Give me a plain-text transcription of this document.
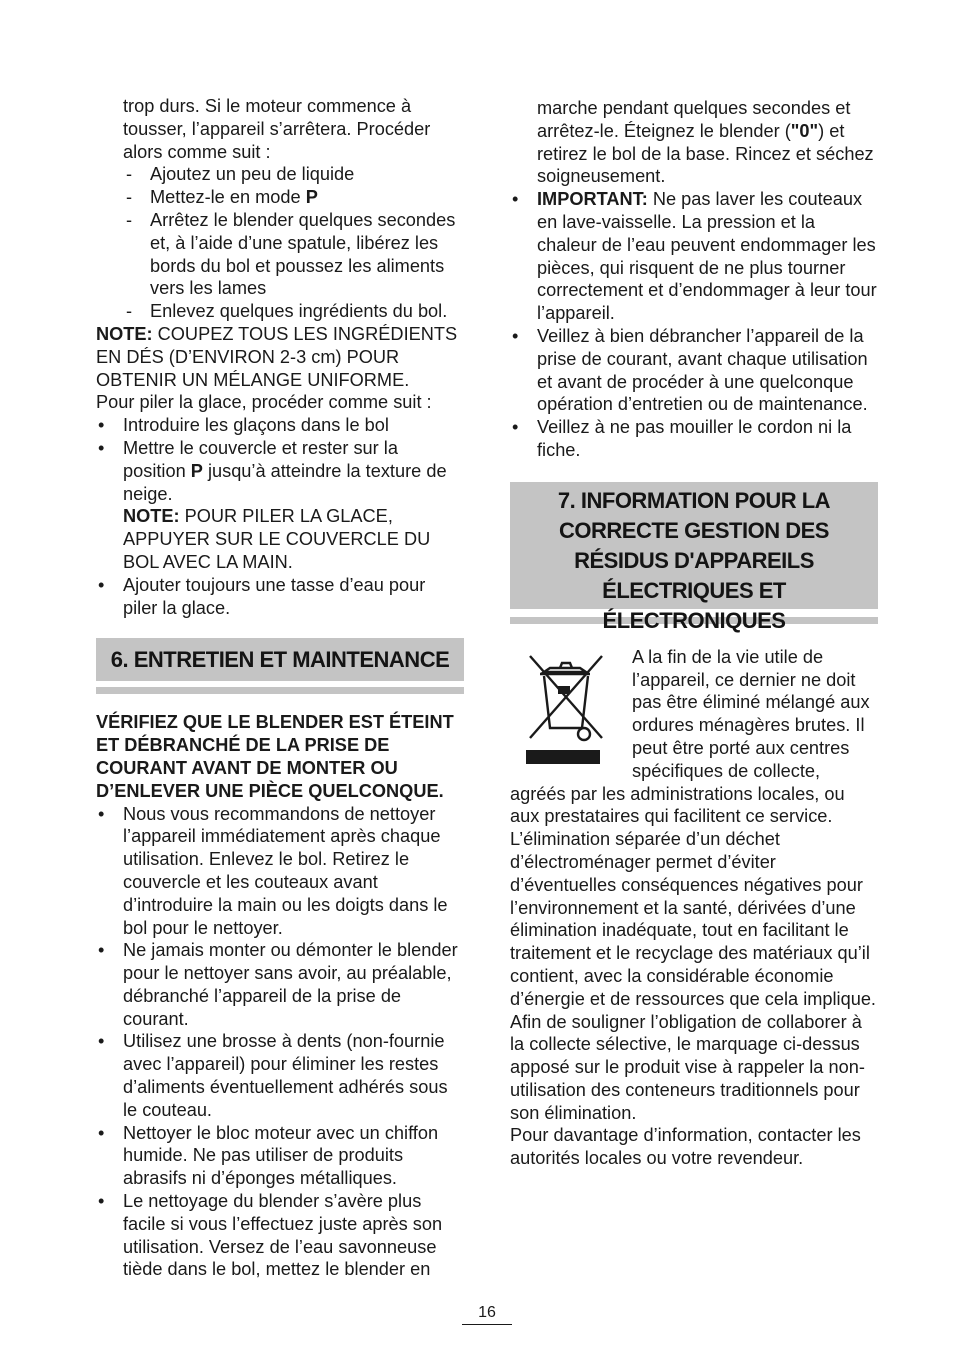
trop durs. Si le moteur commence à tousser, l’appareil s’arrêtera. Procéder alors comme suit :

- Ajoutez un peu de liquide

- Mettez-le en mode P

- Arrêtez le blender quelques secondes et, à l’aide d’une spatule, libérez les bords du bol et poussez les aliments vers les lames

- Enlevez quelques ingrédients du bol.

NOTE: COUPEZ TOUS LES INGRÉDIENTS EN DÉS (D’ENVIRON 2-3 cm) POUR OBTENIR UN MÉLANGE UNIFORME.

Pour piler la glace, procéder comme suit :

• Introduire les glaçons dans le bol

• Mettre le couvercle et rester sur la position P jusqu’à atteindre la texture de neige.

NOTE: POUR PILER LA GLACE, APPUYER SUR LE COUVERCLE DU BOL AVEC LA MAIN.

• Ajouter toujours une tasse d’eau pour piler la glace.

6. ENTRETIEN ET MAINTENANCE

VÉRIFIEZ QUE LE BLENDER EST ÉTEINT ET DÉBRANCHÉ DE LA PRISE DE COURANT AVANT DE MONTER OU D’ENLEVER UNE PIÈCE QUELCONQUE.

• Nous vous recommandons de nettoyer l’appareil immédiatement après chaque utilisation. Enlevez le bol. Retirez le couvercle et les couteaux avant d’introduire la main ou les doigts dans le bol pour le nettoyer.

• Ne jamais monter ou démonter le blender pour le nettoyer sans avoir, au préalable, débranché l’appareil de la prise de courant.

• Utilisez une brosse à dents (non-fournie avec l’appareil) pour éliminer les restes d’aliments éventuellement adhérés sous le couteau.

• Nettoyer le bloc moteur avec un chiffon humide. Ne pas utiliser de produits abrasifs ni d’éponges métalliques.

• Le nettoyage du blender s’avère plus facile si vous l’effectuez juste après son utilisation. Versez de l’eau savonneuse tiède dans le bol, mettez le blender en

marche pendant quelques secondes et arrêtez-le. Éteignez le blender ("0") et retirez le bol de la base. Rincez et séchez soigneusement.

• IMPORTANT: Ne pas laver les couteaux en lave-vaisselle. La pression et la chaleur de l’eau peuvent endommager les pièces, qui risquent de ne plus tourner correctement et d’endommager à leur tour l’appareil.

• Veillez à bien débrancher l’appareil de la prise de courant, avant chaque utilisation et avant de procéder à une quelconque opération d’entretien ou de maintenance.

• Veillez à ne pas mouiller le cordon ni la fiche.

7. INFORMATION POUR LA CORRECTE GESTION DES RÉSIDUS D'APPAREILS ÉLECTRIQUES ET ÉLECTRONIQUES

A la fin de la vie utile de l’appareil, ce dernier ne doit pas être éliminé mélangé aux ordures ménagères brutes. Il peut être porté aux centres spécifiques de collecte, agréés par les administrations locales, ou aux prestataires qui facilitent ce service. L’élimination séparée d’un déchet d’électroménager permet d’éviter d’éventuelles conséquences négatives pour l’environnement et la santé, dérivées d’une élimination inadéquate, tout en facilitant le traitement et le recyclage des matériaux qu’il contient, avec la considérable économie d’énergie et de ressources que cela implique.

Afin de souligner l’obligation de collaborer à la collecte sélective, le marquage ci-dessus apposé sur le produit vise à rappeler la non-utilisation des conteneurs traditionnels pour son élimination.

Pour davantage d’information, contacter les autorités locales ou votre revendeur.

16
